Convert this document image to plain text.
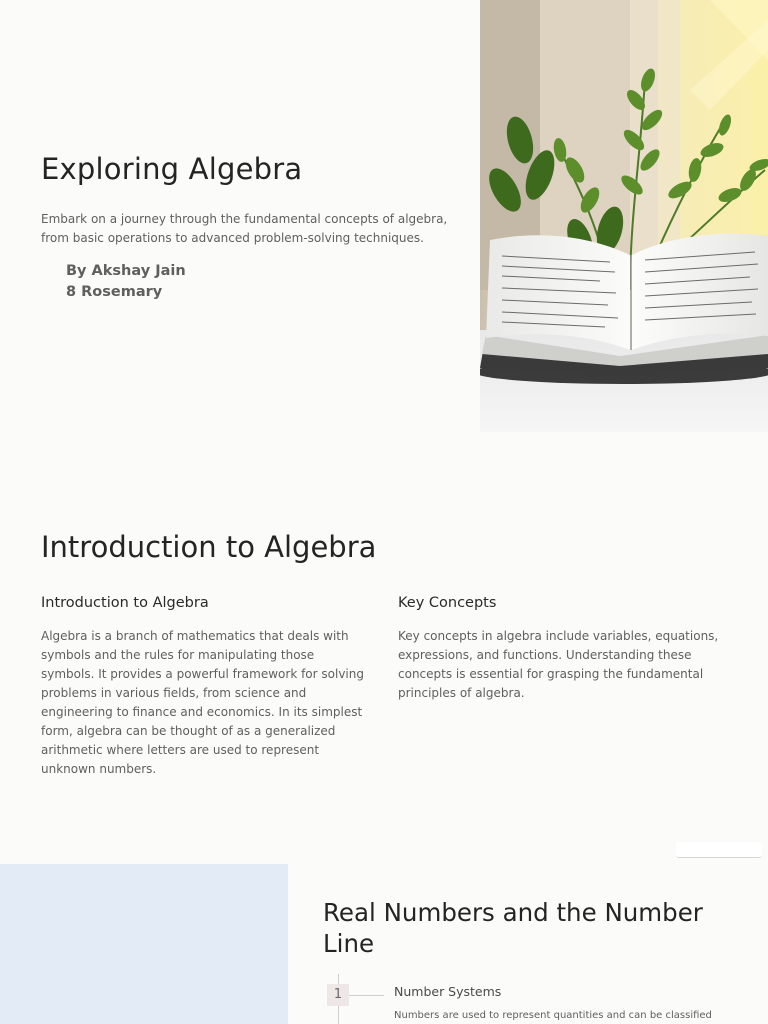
Exploring Algebra

Embark on a journey through the fundamental concepts of algebra, from basic operations to advanced problem-solving techniques.

By Akshay Jain
8 Rosemary
Introduction to Algebra
Introduction to Algebra

Algebra is a branch of mathematics that deals with symbols and the rules for manipulating those symbols. It provides a powerful framework for solving problems in various fields, from science and engineering to finance and economics. In its simplest form, algebra can be thought of as a generalized arithmetic where letters are used to represent unknown numbers.

Key Concepts

Key concepts in algebra include variables, equations, expressions, and functions. Understanding these concepts is essential for grasping the fundamental principles of algebra.

Real Numbers and the Number Line
1	Number Systems

Numbers are used to represent quantities and can be classified
